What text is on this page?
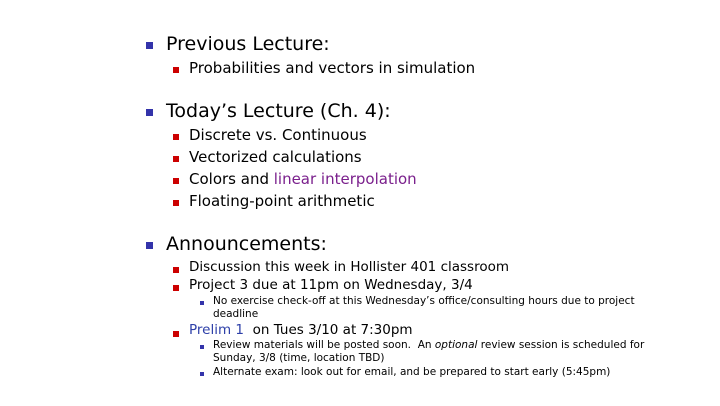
Previous Lecture:
Probabilities and vectors in simulation
Today’s Lecture (Ch. 4):
Discrete vs. Continuous
Vectorized calculations
Colors and linear interpolation
Floating-point arithmetic
Announcements:
Discussion this week in Hollister 401 classroom
Project 3 due at 11pm on Wednesday, 3/4
No exercise check-off at this Wednesday’s office/consulting hours due to project
deadline
Prelim 1  on Tues 3/10 at 7:30pm
Review materials will be posted soon.  An optional review session is scheduled for
Sunday, 3/8 (time, location TBD)
Alternate exam: look out for email, and be prepared to start early (5:45pm)
